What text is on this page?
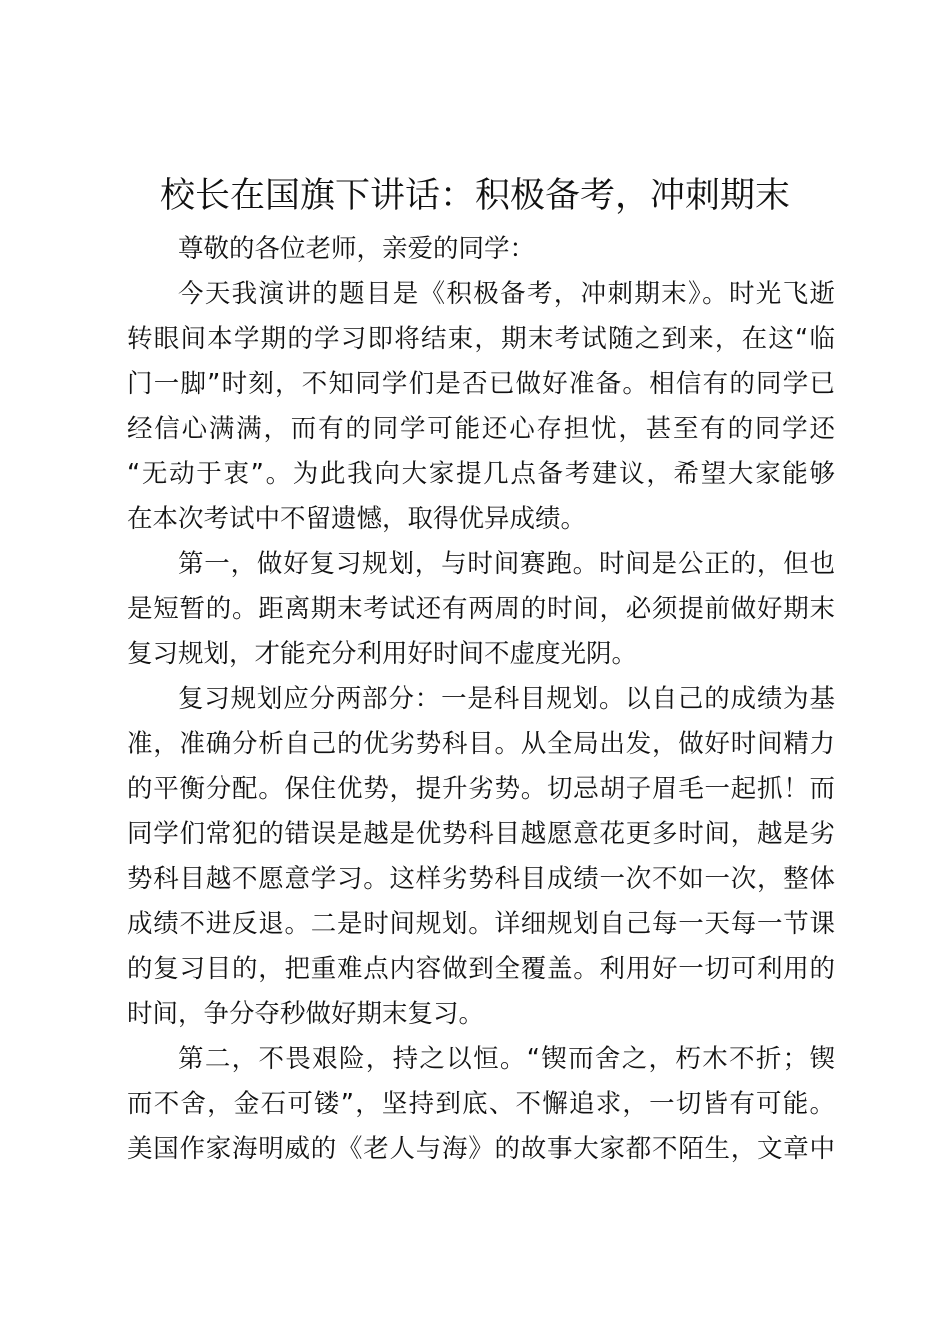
校长在国旗下讲话：积极备考，冲刺期末
尊敬的各位老师，亲爱的同学：
今天我演讲的题目是《积极备考，冲刺期末》。时光飞逝
转眼间本学期的学习即将结束，期末考试随之到来，在这“临
门一脚”时刻，不知同学们是否已做好准备。相信有的同学已
经信心满满，而有的同学可能还心存担忧，甚至有的同学还
“无动于衷”。为此我向大家提几点备考建议，希望大家能够
在本次考试中不留遗憾，取得优异成绩。
第一，做好复习规划，与时间赛跑。时间是公正的，但也
是短暂的。距离期末考试还有两周的时间，必须提前做好期末
复习规划，才能充分利用好时间不虚度光阴。
复习规划应分两部分：一是科目规划。以自己的成绩为基
准，准确分析自己的优劣势科目。从全局出发，做好时间精力
的平衡分配。保住优势，提升劣势。切忌胡子眉毛一起抓！而
同学们常犯的错误是越是优势科目越愿意花更多时间，越是劣
势科目越不愿意学习。这样劣势科目成绩一次不如一次，整体
成绩不进反退。二是时间规划。详细规划自己每一天每一节课
的复习目的，把重难点内容做到全覆盖。利用好一切可利用的
时间，争分夺秒做好期末复习。
第二，不畏艰险，持之以恒。“锲而舍之，朽木不折；锲
而不舍，金石可镂”，坚持到底、不懈追求，一切皆有可能。
美国作家海明威的《老人与海》的故事大家都不陌生，文章中
